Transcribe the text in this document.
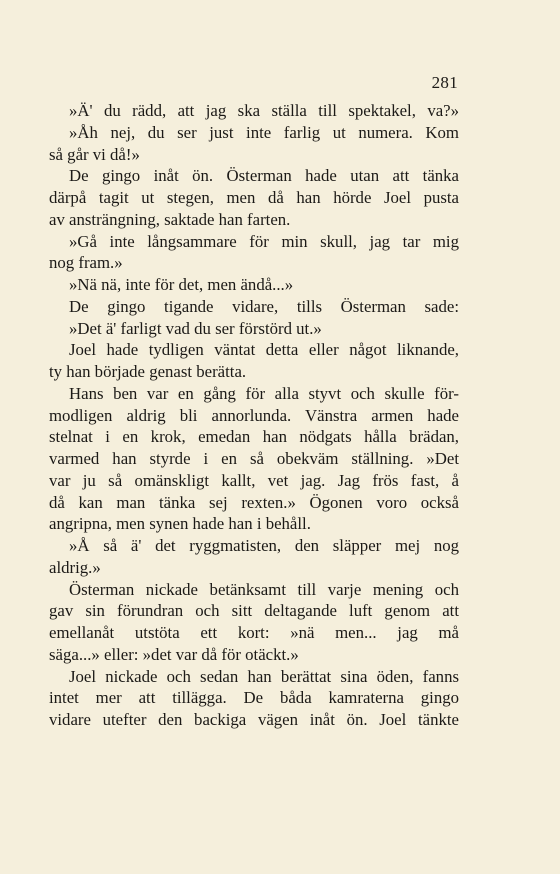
281
»Ä' du rädd, att jag ska ställa till spektakel, va?»
»Åh nej, du ser just inte farlig ut numera. Kom
så går vi då!»
De gingo inåt ön. Österman hade utan att tänka
därpå tagit ut stegen, men då han hörde Joel pusta
av ansträngning, saktade han farten.
»Gå inte långsammare för min skull, jag tar mig
nog fram.»
»Nä nä, inte för det, men ändå...»
De gingo tigande vidare, tills Österman sade:
»Det ä' farligt vad du ser förstörd ut.»
Joel hade tydligen väntat detta eller något liknande,
ty han började genast berätta.
Hans ben var en gång för alla styvt och skulle för-
modligen aldrig bli annorlunda. Vänstra armen hade
stelnat i en krok, emedan han nödgats hålla brädan,
varmed han styrde i en så obekväm ställning. »Det
var ju så omänskligt kallt, vet jag. Jag frös fast, å
då kan man tänka sej rexten.» Ögonen voro också
angripna, men synen hade han i behåll.
»Å så ä' det ryggmatisten, den släpper mej nog
aldrig.»
Österman nickade betänksamt till varje mening och
gav sin förundran och sitt deltagande luft genom att
emellanåt utstöta ett kort: »nä men... jag må
säga...» eller: »det var då för otäckt.»
Joel nickade och sedan han berättat sina öden, fanns
intet mer att tillägga. De båda kamraterna gingo
vidare utefter den backiga vägen inåt ön. Joel tänkte
